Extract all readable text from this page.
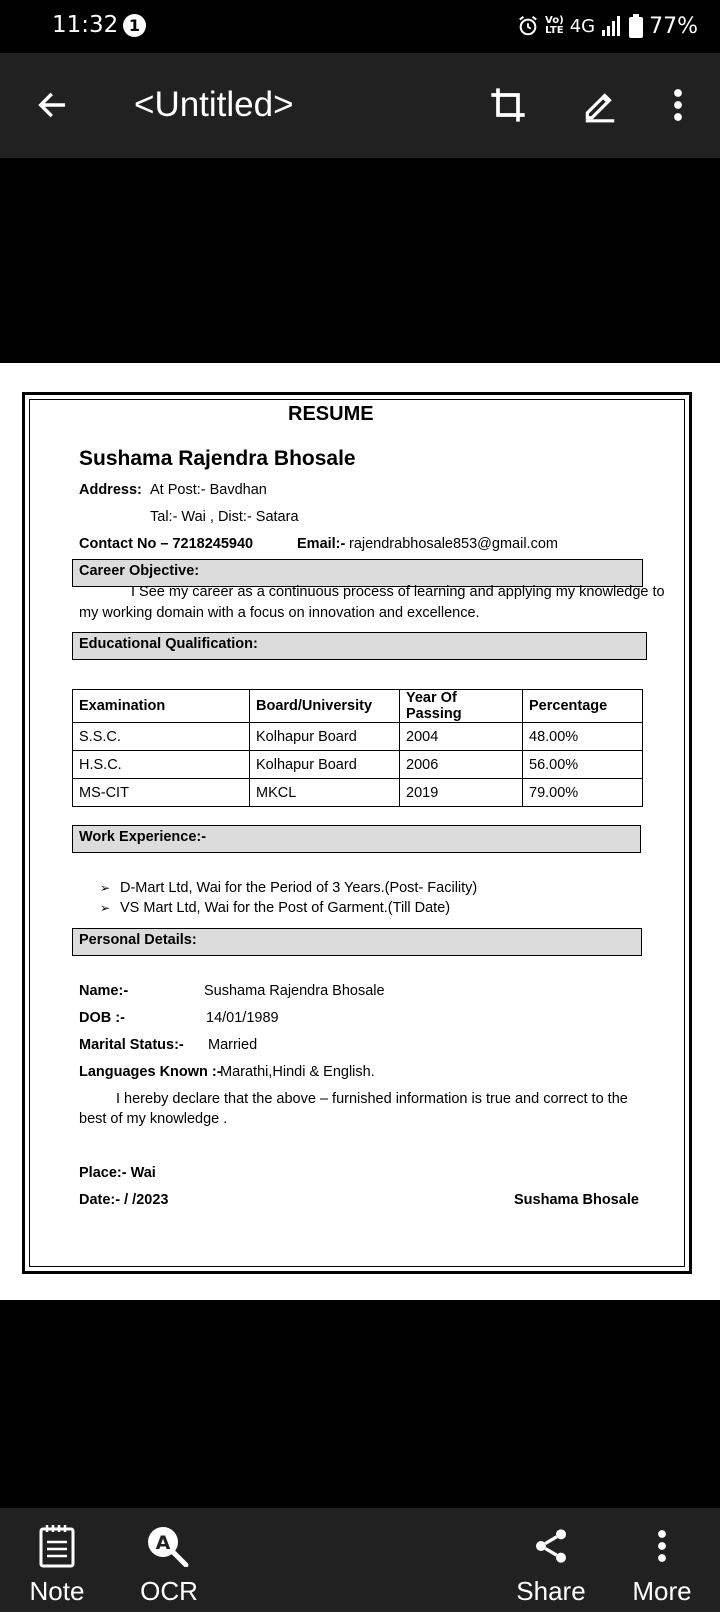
11:32 1	Vo)
LTE 4G 77%
<Untitled>
RESUME
Sushama Rajendra Bhosale
Address: At Post:- Bavdhan
Tal:- Wai , Dist:- Satara
Contact No – 7218245940	Email:- rajendrabhosale853@gmail.com
Career Objective:
I See my career as a continuous process of learning and applying my knowledge to
my working domain with a focus on innovation and excellence.
Educational Qualification:
Examination	Board/University	Year Of Passing	Percentage
S.S.C.	Kolhapur Board	2004	48.00%
H.S.C.	Kolhapur Board	2006	56.00%
MS-CIT	MKCL	2019	79.00%
Work Experience:-
➢ D-Mart Ltd, Wai for the Period of 3 Years.(Post- Facility)
➢ VS Mart Ltd, Wai for the Post of Garment.(Till Date)
Personal Details:
Name:-	Sushama Rajendra Bhosale
DOB :-	14/01/1989
Marital Status:- Married
Languages Known :-
Marathi,Hindi & English.
I hereby declare that the above – furnished information is true and correct to the
best of my knowledge .
Place:- Wai
Date:- / /2023	Sushama Bhosale
Note
A
OCR	Share More
